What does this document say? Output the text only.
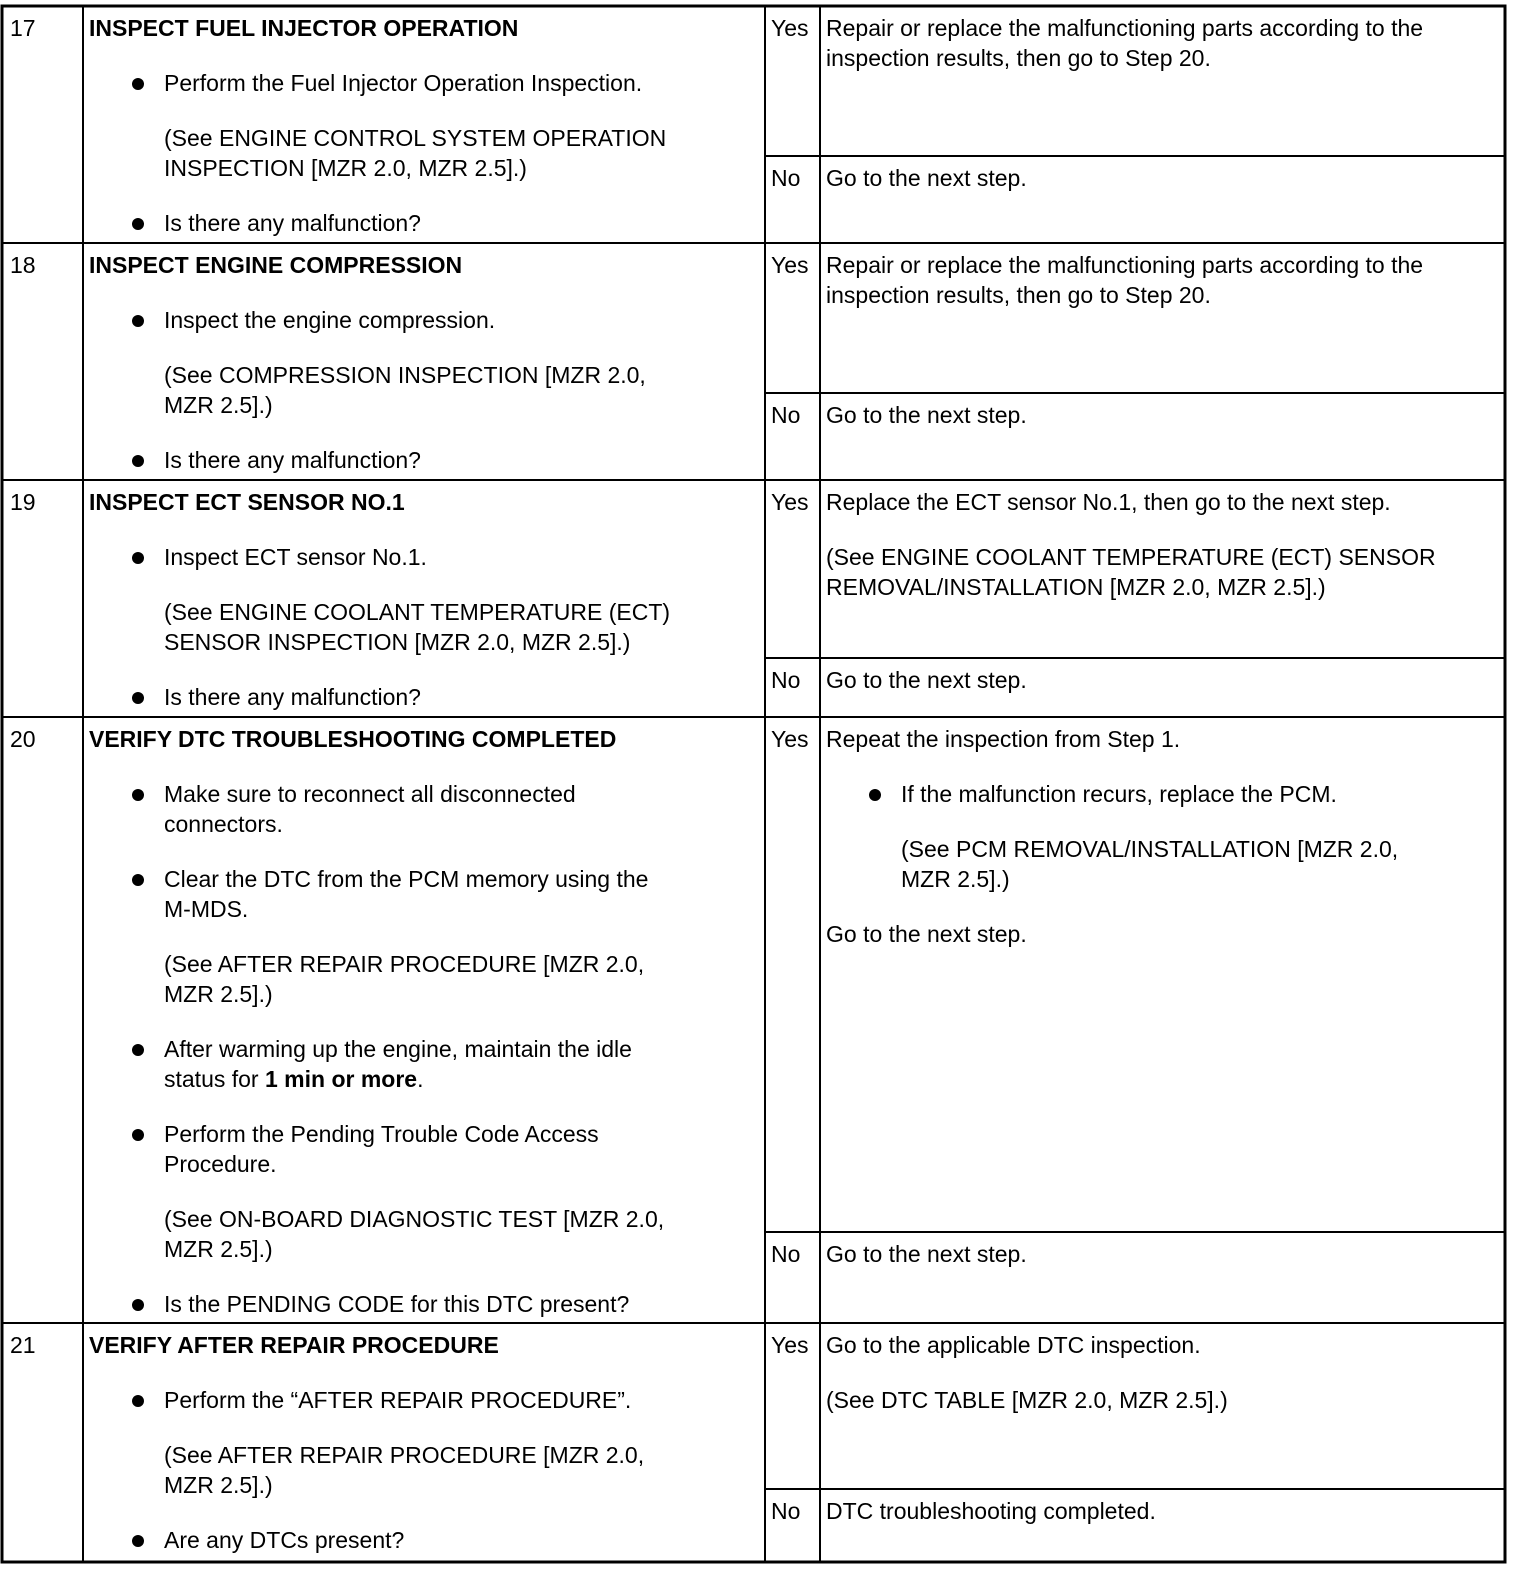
17 INSPECT FUEL INJECTOR OPERATION
Perform the Fuel Injector Operation Inspection.
(See ENGINE CONTROL SYSTEM OPERATION
INSPECTION [MZR 2.0, MZR 2.5].)
Is there any malfunction?
Yes Repair or replace the malfunctioning parts according to the
inspection results, then go to Step 20.
No Go to the next step.
18 INSPECT ENGINE COMPRESSION
Inspect the engine compression.
(See COMPRESSION INSPECTION [MZR 2.0,
MZR 2.5].)
Is there any malfunction?
Yes Repair or replace the malfunctioning parts according to the
inspection results, then go to Step 20.
No Go to the next step.
19 INSPECT ECT SENSOR NO.1
Inspect ECT sensor No.1.
(See ENGINE COOLANT TEMPERATURE (ECT)
SENSOR INSPECTION [MZR 2.0, MZR 2.5].)
Is there any malfunction?
Yes Replace the ECT sensor No.1, then go to the next step.
(See ENGINE COOLANT TEMPERATURE (ECT) SENSOR
REMOVAL/INSTALLATION [MZR 2.0, MZR 2.5].)
No Go to the next step.
20 VERIFY DTC TROUBLESHOOTING COMPLETED
Make sure to reconnect all disconnected
connectors.
Clear the DTC from the PCM memory using the
M-MDS.
(See AFTER REPAIR PROCEDURE [MZR 2.0,
MZR 2.5].)
After warming up the engine, maintain the idle
status for 1 min or more.
Perform the Pending Trouble Code Access
Procedure.
(See ON-BOARD DIAGNOSTIC TEST [MZR 2.0,
MZR 2.5].)
Is the PENDING CODE for this DTC present?
Yes Repeat the inspection from Step 1.
If the malfunction recurs, replace the PCM.
(See PCM REMOVAL/INSTALLATION [MZR 2.0,
MZR 2.5].)
Go to the next step.
No Go to the next step.
21 VERIFY AFTER REPAIR PROCEDURE
Perform the “AFTER REPAIR PROCEDURE”.
(See AFTER REPAIR PROCEDURE [MZR 2.0,
MZR 2.5].)
Are any DTCs present?
Yes Go to the applicable DTC inspection.
(See DTC TABLE [MZR 2.0, MZR 2.5].)
No DTC troubleshooting completed.
